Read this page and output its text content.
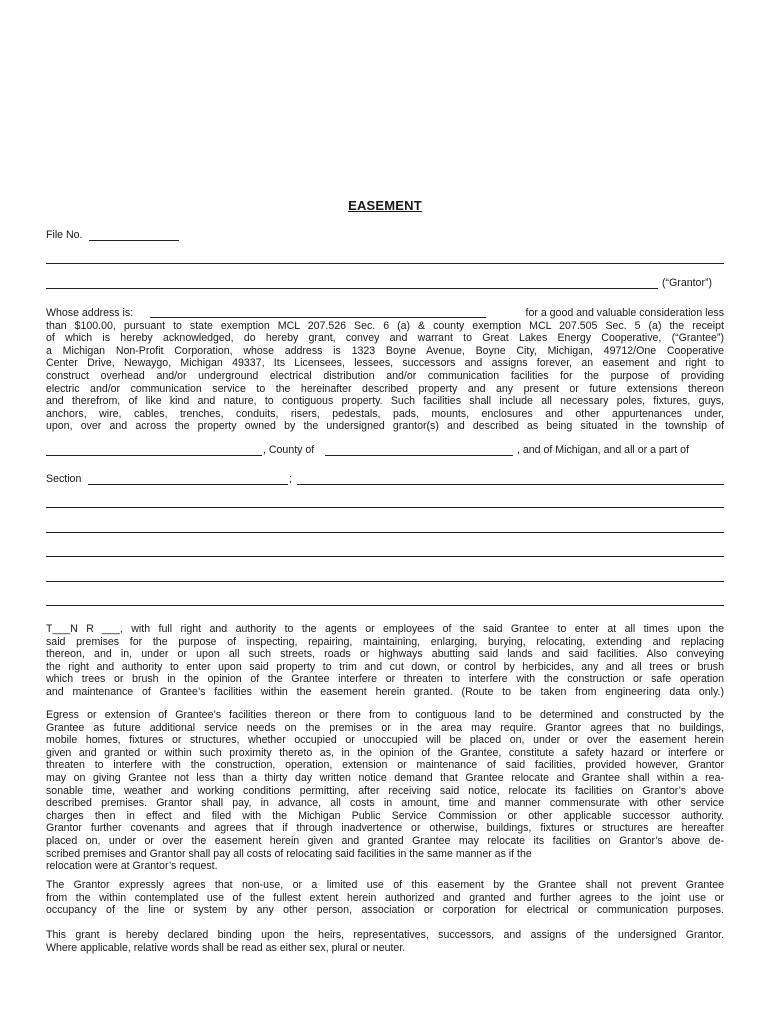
EASEMENT
File No.
(“Grantor”)
Whose address is:	for a good and valuable consideration less
than $100.00, pursuant to state exemption MCL 207.526 Sec. 6 (a) & county exemption MCL 207.505 Sec. 5 (a) the receipt
of which is hereby acknowledged, do hereby grant, convey and warrant to Great Lakes Energy Cooperative, (“Grantee”)
a Michigan Non-Profit Corporation, whose address is 1323 Boyne Avenue, Boyne City, Michigan, 49712/One Cooperative
Center Drive, Newaygo, Michigan 49337, Its Licensees, lessees, successors and assigns forever, an easement and right to
construct overhead and/or underground electrical distribution and/or communication facilities for the purpose of providing
electric and/or communication service to the hereinafter described property and any present or future extensions thereon
and therefrom, of like kind and nature, to contiguous property. Such facilities shall include all necessary poles, fixtures, guys,
anchors, wire, cables, trenches, conduits, risers, pedestals, pads, mounts, enclosures and other appurtenances under,
upon, over and across the property owned by the undersigned grantor(s) and described as being situated in the township of
, County of	, and of Michigan, and all or a part of
Section	;
T___N R ___, with full right and authority to the agents or employees of the said Grantee to enter at all times upon the
said premises for the purpose of inspecting, repairing, maintaining, enlarging, burying, relocating, extending and replacing
thereon, and in, under or upon all such streets, roads or highways abutting said lands and said facilities. Also conveying
the right and authority to enter upon said property to trim and cut down, or control by herbicides, any and all trees or brush
which trees or brush in the opinion of the Grantee interfere or threaten to interfere with the construction or safe operation
and maintenance of Grantee’s facilities within the easement herein granted. (Route to be taken from engineering data only.)
Egress or extension of Grantee’s facilities thereon or there from to contiguous land to be determined and constructed by the
Grantee as future additional service needs on the premises or in the area may require. Grantor agrees that no buildings,
mobile homes, fixtures or structures, whether occupied or unoccupied will be placed on, under or over the easement herein
given and granted or within such proximity thereto as, in the opinion of the Grantee, constitute a safety hazard or interfere or
threaten to interfere with the construction, operation, extension or maintenance of said facilities, provided however, Grantor
may on giving Grantee not less than a thirty day written notice demand that Grantee relocate and Grantee shall within a rea-
sonable time, weather and working conditions permitting, after receiving said notice, relocate its facilities on Grantor’s above
described premises. Grantor shall pay, in advance, all costs in amount, time and manner commensurate with other service
charges then in effect and filed with the Michigan Public Service Commission or other applicable successor authority.
Grantor further covenants and agrees that if through inadvertence or otherwise, buildings, fixtures or structures are hereafter
placed on, under or over the easement herein given and granted Grantee may relocate its facilities on Grantor’s above de-
scribed premises and Grantor shall pay all costs of relocating said facilities in the same manner as if the
relocation were at Grantor’s request.
The Grantor expressly agrees that non-use, or a limited use of this easement by the Grantee shall not prevent Grantee
from the within contemplated use of the fullest extent herein authorized and granted and further agrees to the joint use or
occupancy of the line or system by any other person, association or corporation for electrical or communication purposes.
This grant is hereby declared binding upon the heirs, representatives, successors, and assigns of the undersigned Grantor.
Where applicable, relative words shall be read as either sex, plural or neuter.
